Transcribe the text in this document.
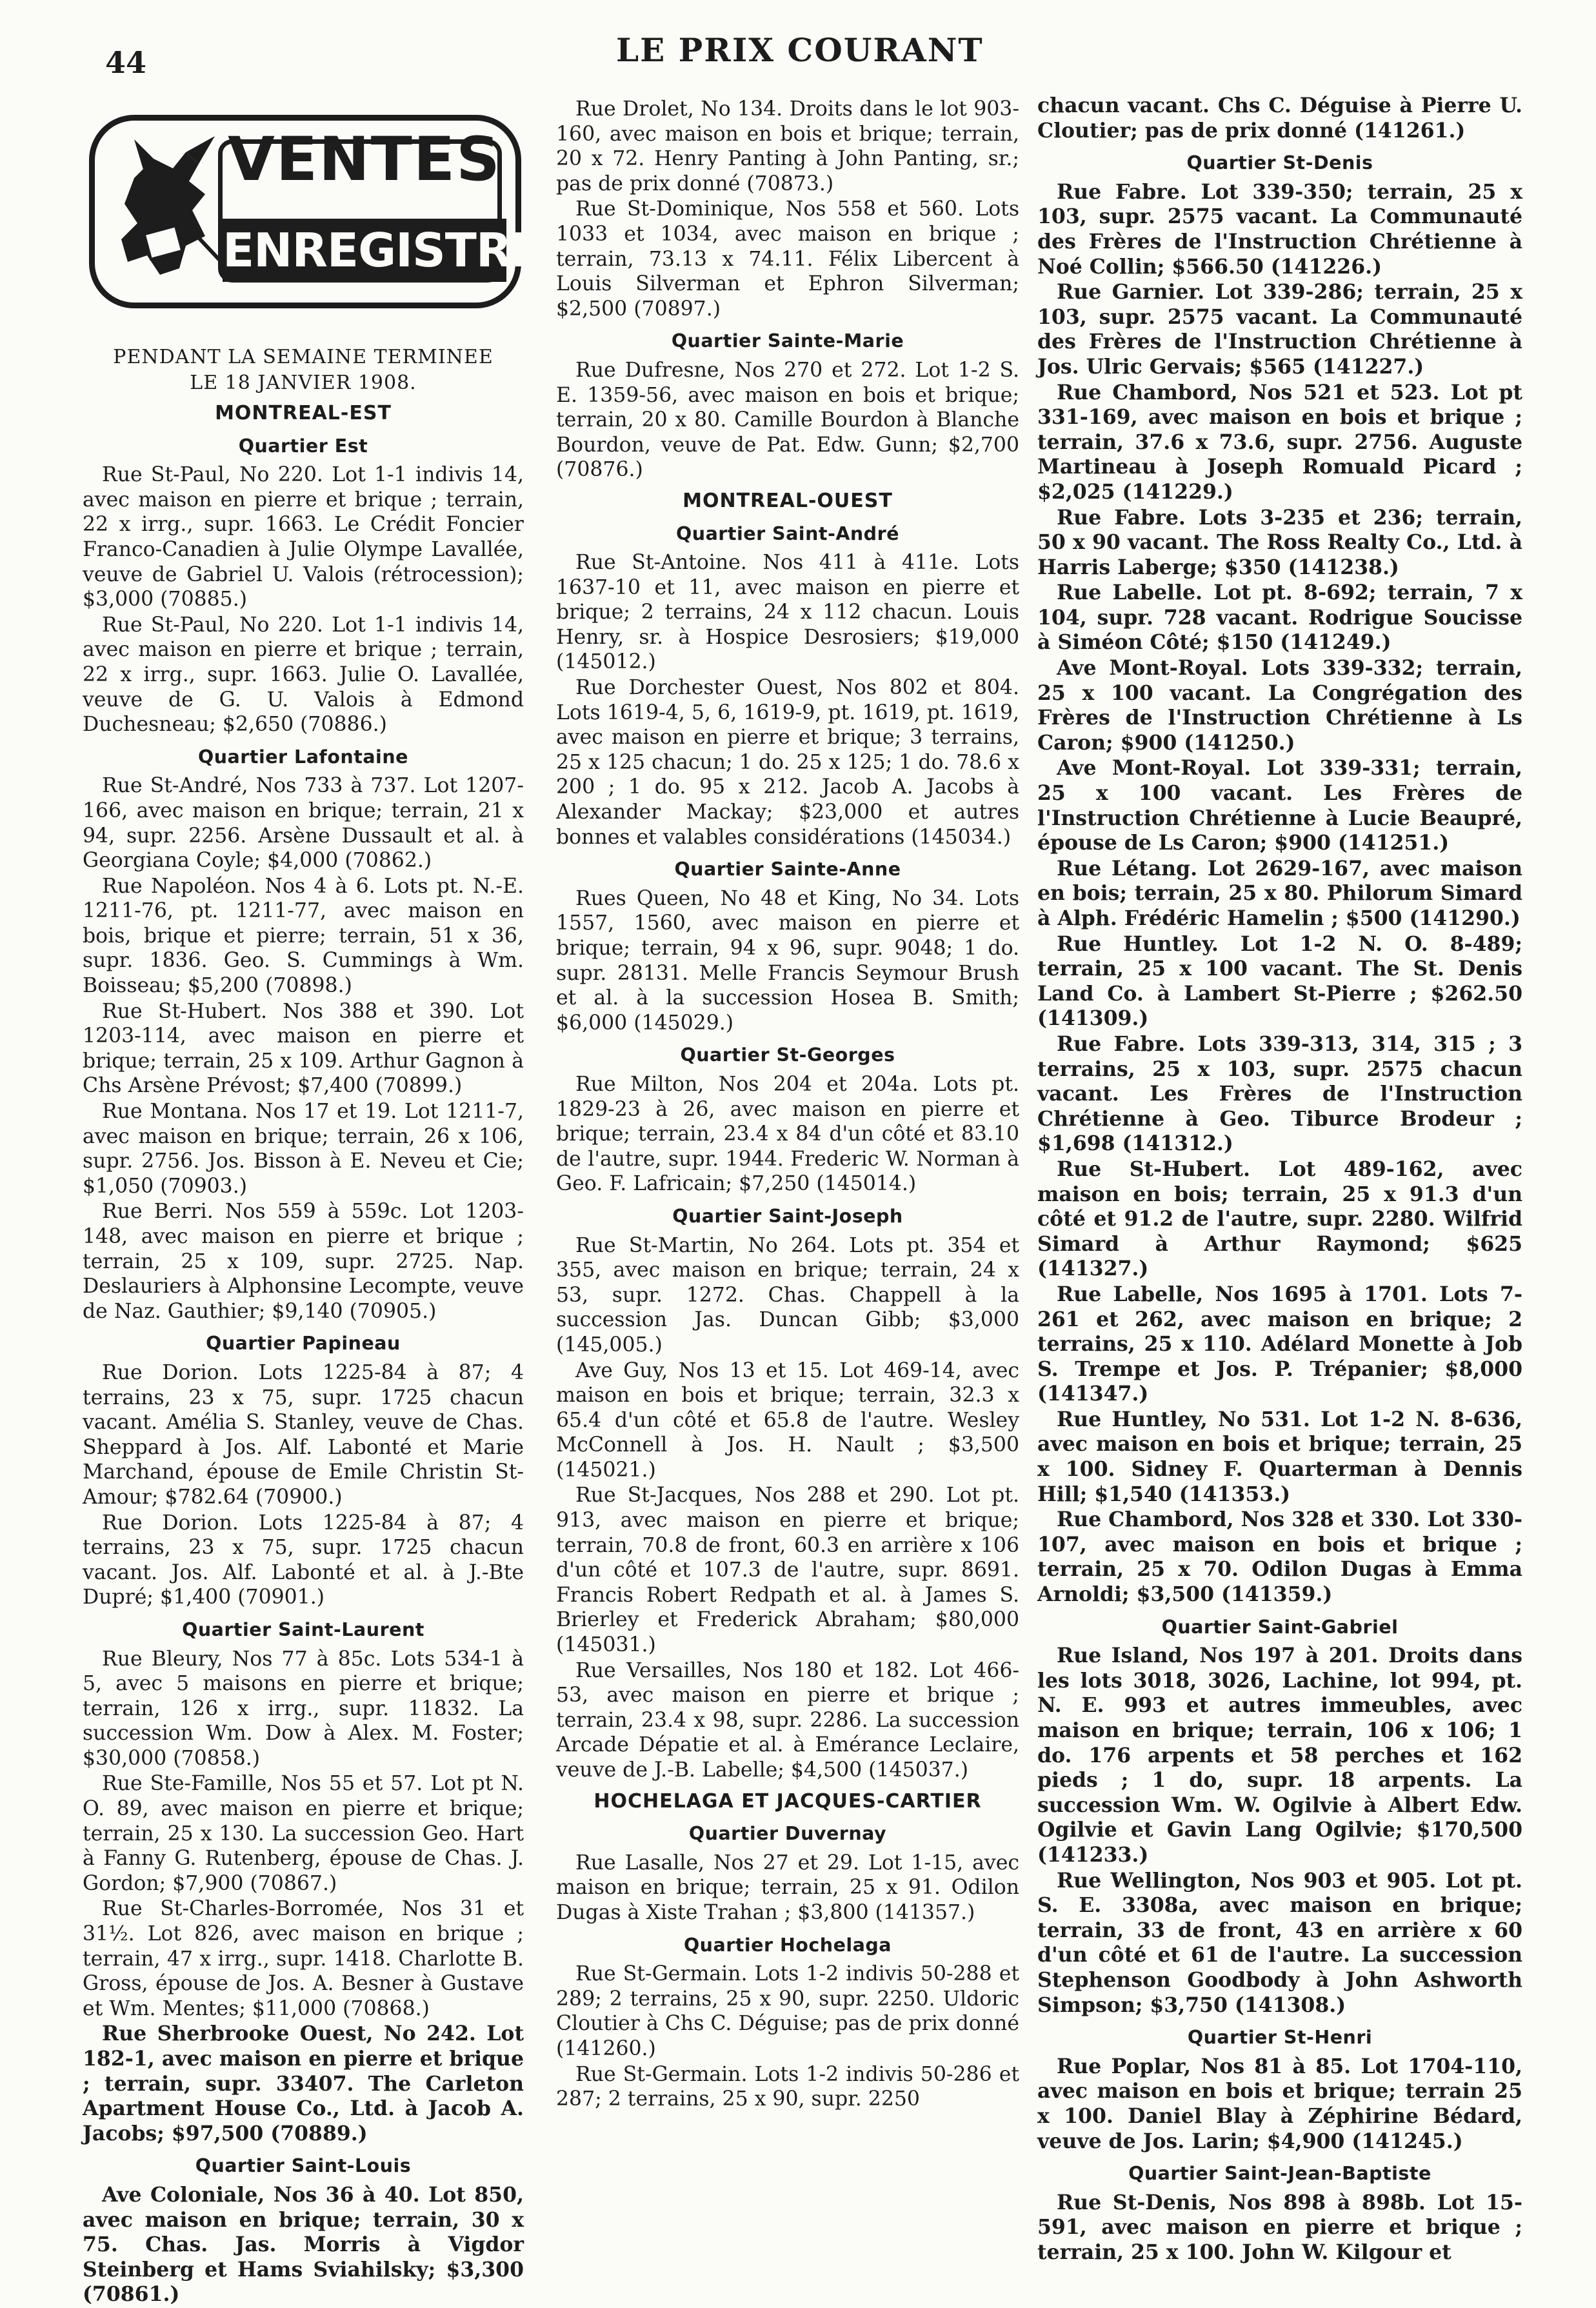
44	LE PRIX COURANT
VENTES
ENREGISTRÉES
PENDANT LA SEMAINE TERMINEE
LE 18 JANVIER 1908.
MONTREAL-EST
Quartier Est

Rue St-Paul, No 220. Lot 1-1 indivis 14, avec maison en pierre et brique ; terrain, 22 x irrg., supr. 1663. Le Crédit Foncier Franco-Canadien à Julie Olympe Lavallée, veuve de Gabriel U. Valois (rétrocession); $3,000 (70885.)

Rue St-Paul, No 220. Lot 1-1 indivis 14, avec maison en pierre et brique ; terrain, 22 x irrg., supr. 1663. Julie O. Lavallée, veuve de G. U. Valois à Edmond Duchesneau; $2,650 (70886.)

Quartier Lafontaine

Rue St-André, Nos 733 à 737. Lot 1207-166, avec maison en brique; terrain, 21 x 94, supr. 2256. Arsène Dussault et al. à Georgiana Coyle; $4,000 (70862.)

Rue Napoléon. Nos 4 à 6. Lots pt. N.-E. 1211-76, pt. 1211-77, avec maison en bois, brique et pierre; terrain, 51 x 36, supr. 1836. Geo. S. Cummings à Wm. Boisseau; $5,200 (70898.)

Rue St-Hubert. Nos 388 et 390. Lot 1203-114, avec maison en pierre et brique; terrain, 25 x 109. Arthur Gagnon à Chs Arsène Prévost; $7,400 (70899.)

Rue Montana. Nos 17 et 19. Lot 1211-7, avec maison en brique; terrain, 26 x 106, supr. 2756. Jos. Bisson à E. Neveu et Cie; $1,050 (70903.)

Rue Berri. Nos 559 à 559c. Lot 1203-148, avec maison en pierre et brique ; terrain, 25 x 109, supr. 2725. Nap. Deslauriers à Alphonsine Lecompte, veuve de Naz. Gauthier; $9,140 (70905.)

Quartier Papineau

Rue Dorion. Lots 1225-84 à 87; 4 terrains, 23 x 75, supr. 1725 chacun vacant. Amélia S. Stanley, veuve de Chas. Sheppard à Jos. Alf. Labonté et Marie Marchand, épouse de Emile Christin St-Amour; $782.64 (70900.)

Rue Dorion. Lots 1225-84 à 87; 4 terrains, 23 x 75, supr. 1725 chacun vacant. Jos. Alf. Labonté et al. à J.-Bte Dupré; $1,400 (70901.)

Quartier Saint-Laurent

Rue Bleury, Nos 77 à 85c. Lots 534-1 à 5, avec 5 maisons en pierre et brique; terrain, 126 x irrg., supr. 11832. La succession Wm. Dow à Alex. M. Foster; $30,000 (70858.)

Rue Ste-Famille, Nos 55 et 57. Lot pt N. O. 89, avec maison en pierre et brique; terrain, 25 x 130. La succession Geo. Hart à Fanny G. Rutenberg, épouse de Chas. J. Gordon; $7,900 (70867.)

Rue St-Charles-Borromée, Nos 31 et 31½. Lot 826, avec maison en brique ; terrain, 47 x irrg., supr. 1418. Charlotte B. Gross, épouse de Jos. A. Besner à Gustave et Wm. Mentes; $11,000 (70868.)

Rue Sherbrooke Ouest, No 242. Lot 182-1, avec maison en pierre et brique ; terrain, supr. 33407. The Carleton Apartment House Co., Ltd. à Jacob A. Jacobs; $97,500 (70889.)

Quartier Saint-Louis

Ave Coloniale, Nos 36 à 40. Lot 850, avec maison en brique; terrain, 30 x 75. Chas. Jas. Morris à Vigdor Steinberg et Hams Sviahilsky; $3,300 (70861.)

Rue Drolet, No 134. Droits dans le lot 903-160, avec maison en bois et brique; terrain, 20 x 72. Henry Panting à John Panting, sr.; pas de prix donné (70873.)

Rue St-Dominique, Nos 558 et 560. Lots 1033 et 1034, avec maison en brique ; terrain, 73.13 x 74.11. Félix Libercent à Louis Silverman et Ephron Silverman; $2,500 (70897.)

Quartier Sainte-Marie

Rue Dufresne, Nos 270 et 272. Lot 1-2 S. E. 1359-56, avec maison en bois et brique; terrain, 20 x 80. Camille Bourdon à Blanche Bourdon, veuve de Pat. Edw. Gunn; $2,700 (70876.)

MONTREAL-OUEST
Quartier Saint-André

Rue St-Antoine. Nos 411 à 411e. Lots 1637-10 et 11, avec maison en pierre et brique; 2 terrains, 24 x 112 chacun. Louis Henry, sr. à Hospice Desrosiers; $19,000 (145012.)

Rue Dorchester Ouest, Nos 802 et 804. Lots 1619-4, 5, 6, 1619-9, pt. 1619, pt. 1619, avec maison en pierre et brique; 3 terrains, 25 x 125 chacun; 1 do. 25 x 125; 1 do. 78.6 x 200 ; 1 do. 95 x 212. Jacob A. Jacobs à Alexander Mackay; $23,000 et autres bonnes et valables considérations (145034.)

Quartier Sainte-Anne

Rues Queen, No 48 et King, No 34. Lots 1557, 1560, avec maison en pierre et brique; terrain, 94 x 96, supr. 9048; 1 do. supr. 28131. Melle Francis Seymour Brush et al. à la succession Hosea B. Smith; $6,000 (145029.)

Quartier St-Georges

Rue Milton, Nos 204 et 204a. Lots pt. 1829-23 à 26, avec maison en pierre et brique; terrain, 23.4 x 84 d'un côté et 83.10 de l'autre, supr. 1944. Frederic W. Norman à Geo. F. Lafricain; $7,250 (145014.)

Quartier Saint-Joseph

Rue St-Martin, No 264. Lots pt. 354 et 355, avec maison en brique; terrain, 24 x 53, supr. 1272. Chas. Chappell à la succession Jas. Duncan Gibb; $3,000 (145,005.)

Ave Guy, Nos 13 et 15. Lot 469-14, avec maison en bois et brique; terrain, 32.3 x 65.4 d'un côté et 65.8 de l'autre. Wesley McConnell à Jos. H. Nault ; $3,500 (145021.)

Rue St-Jacques, Nos 288 et 290. Lot pt. 913, avec maison en pierre et brique; terrain, 70.8 de front, 60.3 en arrière x 106 d'un côté et 107.3 de l'autre, supr. 8691. Francis Robert Redpath et al. à James S. Brierley et Frederick Abraham; $80,000 (145031.)

Rue Versailles, Nos 180 et 182. Lot 466-53, avec maison en pierre et brique ; terrain, 23.4 x 98, supr. 2286. La succession Arcade Dépatie et al. à Emérance Leclaire, veuve de J.-B. Labelle; $4,500 (145037.)

HOCHELAGA ET JACQUES-CARTIER
Quartier Duvernay

Rue Lasalle, Nos 27 et 29. Lot 1-15, avec maison en brique; terrain, 25 x 91. Odilon Dugas à Xiste Trahan ; $3,800 (141357.)

Quartier Hochelaga

Rue St-Germain. Lots 1-2 indivis 50-288 et 289; 2 terrains, 25 x 90, supr. 2250. Uldoric Cloutier à Chs C. Déguise; pas de prix donné (141260.)

Rue St-Germain. Lots 1-2 indivis 50-286 et 287; 2 terrains, 25 x 90, supr. 2250

chacun vacant. Chs C. Déguise à Pierre U. Cloutier; pas de prix donné (141261.)

Quartier St-Denis

Rue Fabre. Lot 339-350; terrain, 25 x 103, supr. 2575 vacant. La Communauté des Frères de l'Instruction Chrétienne à Noé Collin; $566.50 (141226.)

Rue Garnier. Lot 339-286; terrain, 25 x 103, supr. 2575 vacant. La Communauté des Frères de l'Instruction Chrétienne à Jos. Ulric Gervais; $565 (141227.)

Rue Chambord, Nos 521 et 523. Lot pt 331-169, avec maison en bois et brique ; terrain, 37.6 x 73.6, supr. 2756. Auguste Martineau à Joseph Romuald Picard ; $2,025 (141229.)

Rue Fabre. Lots 3-235 et 236; terrain, 50 x 90 vacant. The Ross Realty Co., Ltd. à Harris Laberge; $350 (141238.)

Rue Labelle. Lot pt. 8-692; terrain, 7 x 104, supr. 728 vacant. Rodrigue Soucisse à Siméon Côté; $150 (141249.)

Ave Mont-Royal. Lots 339-332; terrain, 25 x 100 vacant. La Congrégation des Frères de l'Instruction Chrétienne à Ls Caron; $900 (141250.)

Ave Mont-Royal. Lot 339-331; terrain, 25 x 100 vacant. Les Frères de l'Instruction Chrétienne à Lucie Beaupré, épouse de Ls Caron; $900 (141251.)

Rue Létang. Lot 2629-167, avec maison en bois; terrain, 25 x 80. Philorum Simard à Alph. Frédéric Hamelin ; $500 (141290.)

Rue Huntley. Lot 1-2 N. O. 8-489; terrain, 25 x 100 vacant. The St. Denis Land Co. à Lambert St-Pierre ; $262.50 (141309.)

Rue Fabre. Lots 339-313, 314, 315 ; 3 terrains, 25 x 103, supr. 2575 chacun vacant. Les Frères de l'Instruction Chrétienne à Geo. Tiburce Brodeur ; $1,698 (141312.)

Rue St-Hubert. Lot 489-162, avec maison en bois; terrain, 25 x 91.3 d'un côté et 91.2 de l'autre, supr. 2280. Wilfrid Simard à Arthur Raymond; $625 (141327.)

Rue Labelle, Nos 1695 à 1701. Lots 7-261 et 262, avec maison en brique; 2 terrains, 25 x 110. Adélard Monette à Job S. Trempe et Jos. P. Trépanier; $8,000 (141347.)

Rue Huntley, No 531. Lot 1-2 N. 8-636, avec maison en bois et brique; terrain, 25 x 100. Sidney F. Quarterman à Dennis Hill; $1,540 (141353.)

Rue Chambord, Nos 328 et 330. Lot 330-107, avec maison en bois et brique ; terrain, 25 x 70. Odilon Dugas à Emma Arnoldi; $3,500 (141359.)

Quartier Saint-Gabriel

Rue Island, Nos 197 à 201. Droits dans les lots 3018, 3026, Lachine, lot 994, pt. N. E. 993 et autres immeubles, avec maison en brique; terrain, 106 x 106; 1 do. 176 arpents et 58 perches et 162 pieds ; 1 do, supr. 18 arpents. La succession Wm. W. Ogilvie à Albert Edw. Ogilvie et Gavin Lang Ogilvie; $170,500 (141233.)

Rue Wellington, Nos 903 et 905. Lot pt. S. E. 3308a, avec maison en brique; terrain, 33 de front, 43 en arrière x 60 d'un côté et 61 de l'autre. La succession Stephenson Goodbody à John Ashworth Simpson; $3,750 (141308.)

Quartier St-Henri

Rue Poplar, Nos 81 à 85. Lot 1704-110, avec maison en bois et brique; terrain 25 x 100. Daniel Blay à Zéphirine Bédard, veuve de Jos. Larin; $4,900 (141245.)

Quartier Saint-Jean-Baptiste

Rue St-Denis, Nos 898 à 898b. Lot 15-591, avec maison en pierre et brique ; terrain, 25 x 100. John W. Kilgour et
